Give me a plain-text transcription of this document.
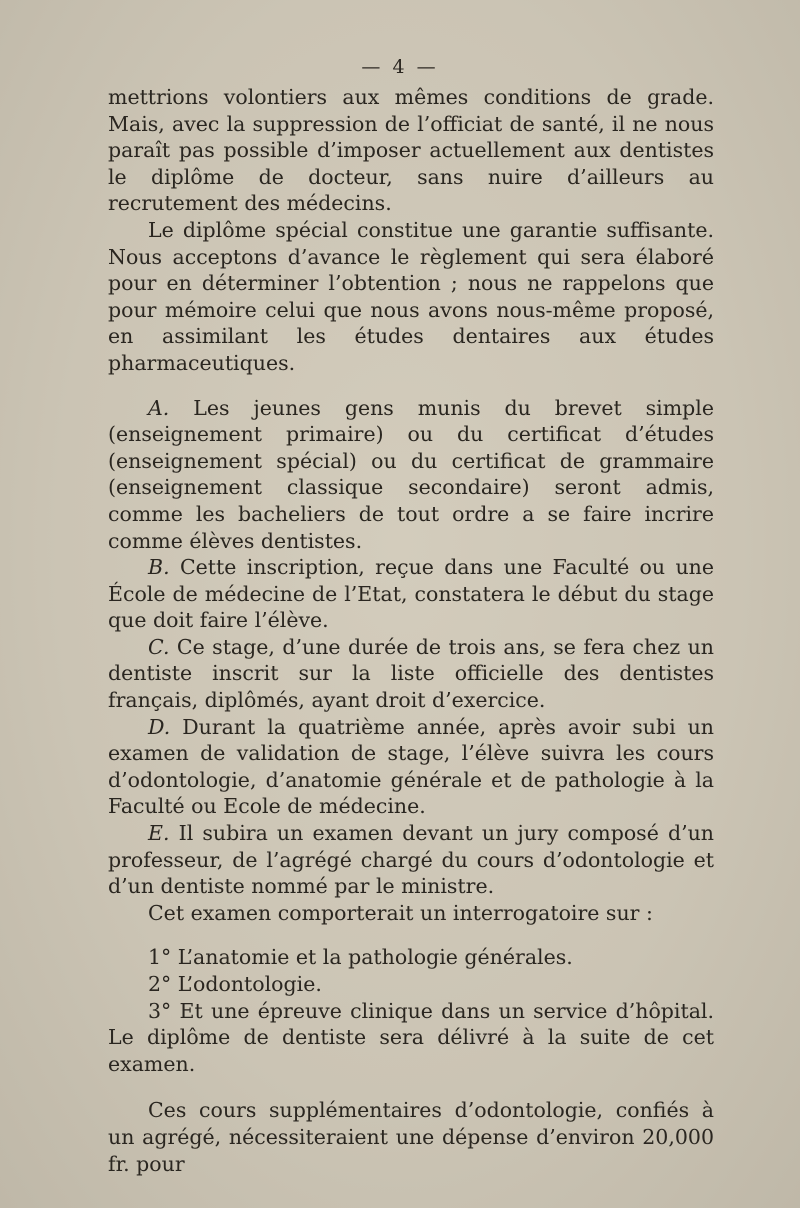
— 4 —

mettrions volontiers aux mêmes conditions de grade. Mais, avec la suppression de l’officiat de santé, il ne nous paraît pas possible d’imposer actuellement aux dentistes le diplôme de docteur, sans nuire d’ailleurs au recrutement des médecins.

Le diplôme spécial constitue une garantie suffisante. Nous acceptons d’avance le règlement qui sera élaboré pour en déterminer l’obtention ; nous ne rappelons que pour mémoire celui que nous avons nous-même proposé, en assimilant les études dentaires aux études pharmaceutiques.

A. Les jeunes gens munis du brevet simple (enseignement primaire) ou du certificat d’études (enseignement spécial) ou du certificat de grammaire (enseignement classique secondaire) seront admis, comme les bacheliers de tout ordre a se faire incrire comme élèves dentistes.

B. Cette inscription, reçue dans une Faculté ou une École de médecine de l’Etat, constatera le début du stage que doit faire l’élève.

C. Ce stage, d’une durée de trois ans, se fera chez un dentiste inscrit sur la liste officielle des dentistes français, diplômés, ayant droit d’exercice.

D. Durant la quatrième année, après avoir subi un examen de validation de stage, l’élève suivra les cours d’odontologie, d’anatomie générale et de pathologie à la Faculté ou Ecole de médecine.

E. Il subira un examen devant un jury composé d’un professeur, de l’agrégé chargé du cours d’odontologie et d’un dentiste nommé par le ministre.

Cet examen comporterait un interrogatoire sur :

1° L’anatomie et la pathologie générales.

2° L’odontologie.

3° Et une épreuve clinique dans un service d’hôpital. Le diplôme de dentiste sera délivré à la suite de cet examen.

Ces cours supplémentaires d’odontologie, confiés à un agrégé, nécessiteraient une dépense d’environ 20,000 fr. pour
